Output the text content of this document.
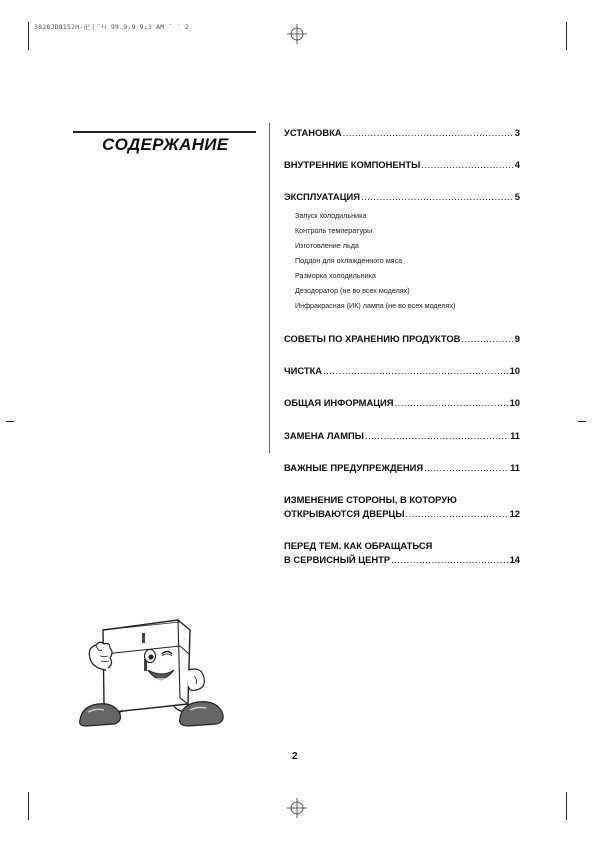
3828JD8152H-卍ㅣˉ¹ⅰ 99.9.9 9:3 AM ˉ ˙ 2
СОДЕРЖАНИЕ
УСТАНОВКА .....	3
ВНУТРЕННИЕ КОМПОНЕНТЫ .....	4
ЭКСПЛУАТАЦИЯ .....	5
Запуск холодильника
Контроль температуры
Изготовление льда
Поддон для охлажденного мяса
Разморка холодильника
Дезодоратор (не во всех моделях)
Инфракрасная (ИК) лампа (не во всех моделях)
СОВЕТЫ ПО ХРАНЕНИЮ ПРОДУКТОВ .....	9
ЧИСТКА .....	10
ОБЩАЯ ИНФОРМАЦИЯ .....	10
ЗАМЕНА ЛАМПЫ .....	11
ВАЖНЫЕ ПРЕДУПРЕЖДЕНИЯ .....	11
ИЗМЕНЕНИЕ СТОРОНЫ, В КОТОРУЮ
ОТКРЫВАЮТСЯ ДВЕРЦЫ .....	12
ПЕРЕД ТЕМ. КАК ОБРАЩАТЬСЯ
В СЕРВИСНЫЙ ЦЕНТР .....	14
2
